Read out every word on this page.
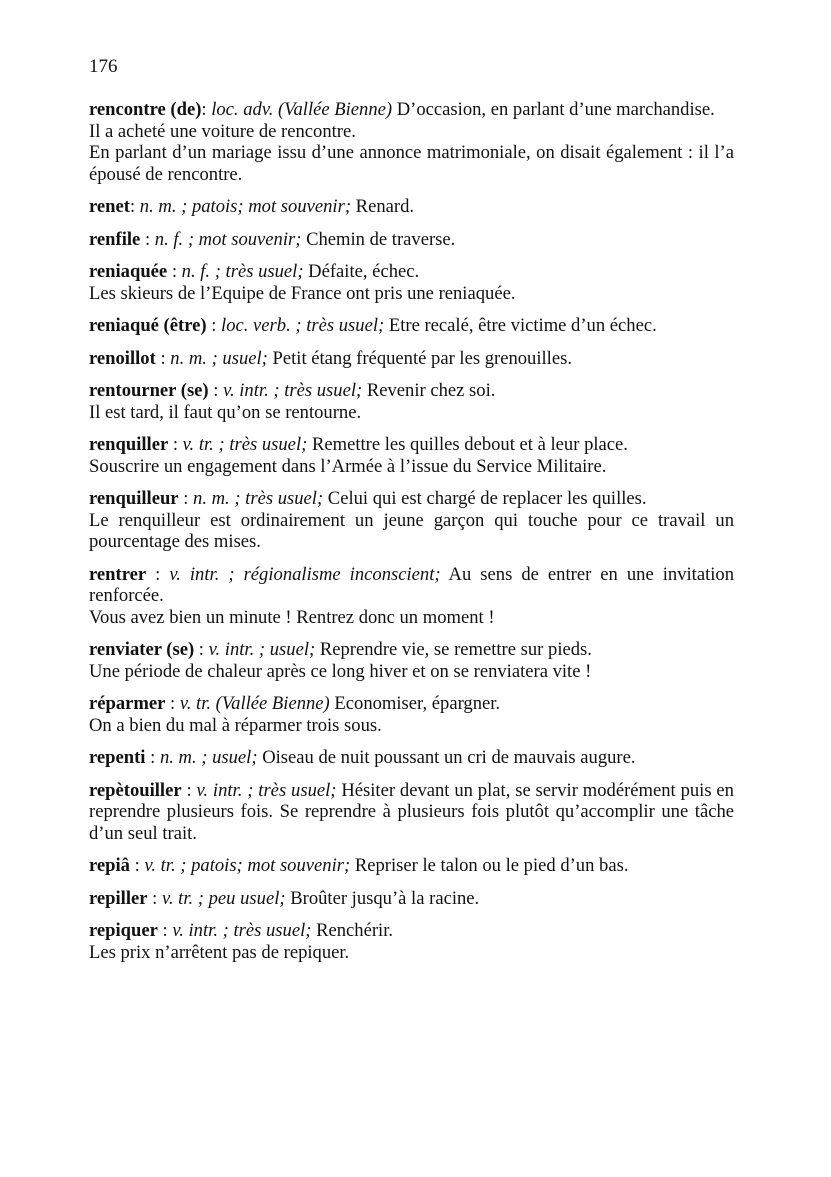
176

rencontre (de): loc. adv. (Vallée Bienne) D’occasion, en parlant d’une marchandise.

Il a acheté une voiture de rencontre.

En parlant d’un mariage issu d’une annonce matrimoniale, on disait également : il l’a épousé de rencontre.

renet: n. m. ; patois; mot souvenir; Renard.

renfile : n. f. ; mot souvenir; Chemin de traverse.

reniaquée : n. f. ; très usuel; Défaite, échec.

Les skieurs de l’Equipe de France ont pris une reniaquée.

reniaqué (être) : loc. verb. ; très usuel; Etre recalé, être victime d’un échec.

renoillot : n. m. ; usuel; Petit étang fréquenté par les grenouilles.

rentourner (se) : v. intr. ; très usuel; Revenir chez soi.

Il est tard, il faut qu’on se rentourne.

renquiller : v. tr. ; très usuel; Remettre les quilles debout et à leur place.

Souscrire un engagement dans l’Armée à l’issue du Service Militaire.

renquilleur : n. m. ; très usuel; Celui qui est chargé de replacer les quilles.

Le renquilleur est ordinairement un jeune garçon qui touche pour ce travail un pourcentage des mises.

rentrer : v. intr. ; régionalisme inconscient; Au sens de entrer en une invitation renforcée.

Vous avez bien un minute ! Rentrez donc un moment !

renviater (se) : v. intr. ; usuel; Reprendre vie, se remettre sur pieds.

Une période de chaleur après ce long hiver et on se renviatera vite !

réparmer : v. tr. (Vallée Bienne) Economiser, épargner.

On a bien du mal à réparmer trois sous.

repenti : n. m. ; usuel; Oiseau de nuit poussant un cri de mauvais augure.

repètouiller : v. intr. ; très usuel; Hésiter devant un plat, se servir modérément puis en reprendre plusieurs fois. Se reprendre à plusieurs fois plutôt qu’accomplir une tâche d’un seul trait.

repiâ : v. tr. ; patois; mot souvenir; Repriser le talon ou le pied d’un bas.

repiller : v. tr. ; peu usuel; Broûter jusqu’à la racine.

repiquer : v. intr. ; très usuel; Renchérir.

Les prix n’arrêtent pas de repiquer.
